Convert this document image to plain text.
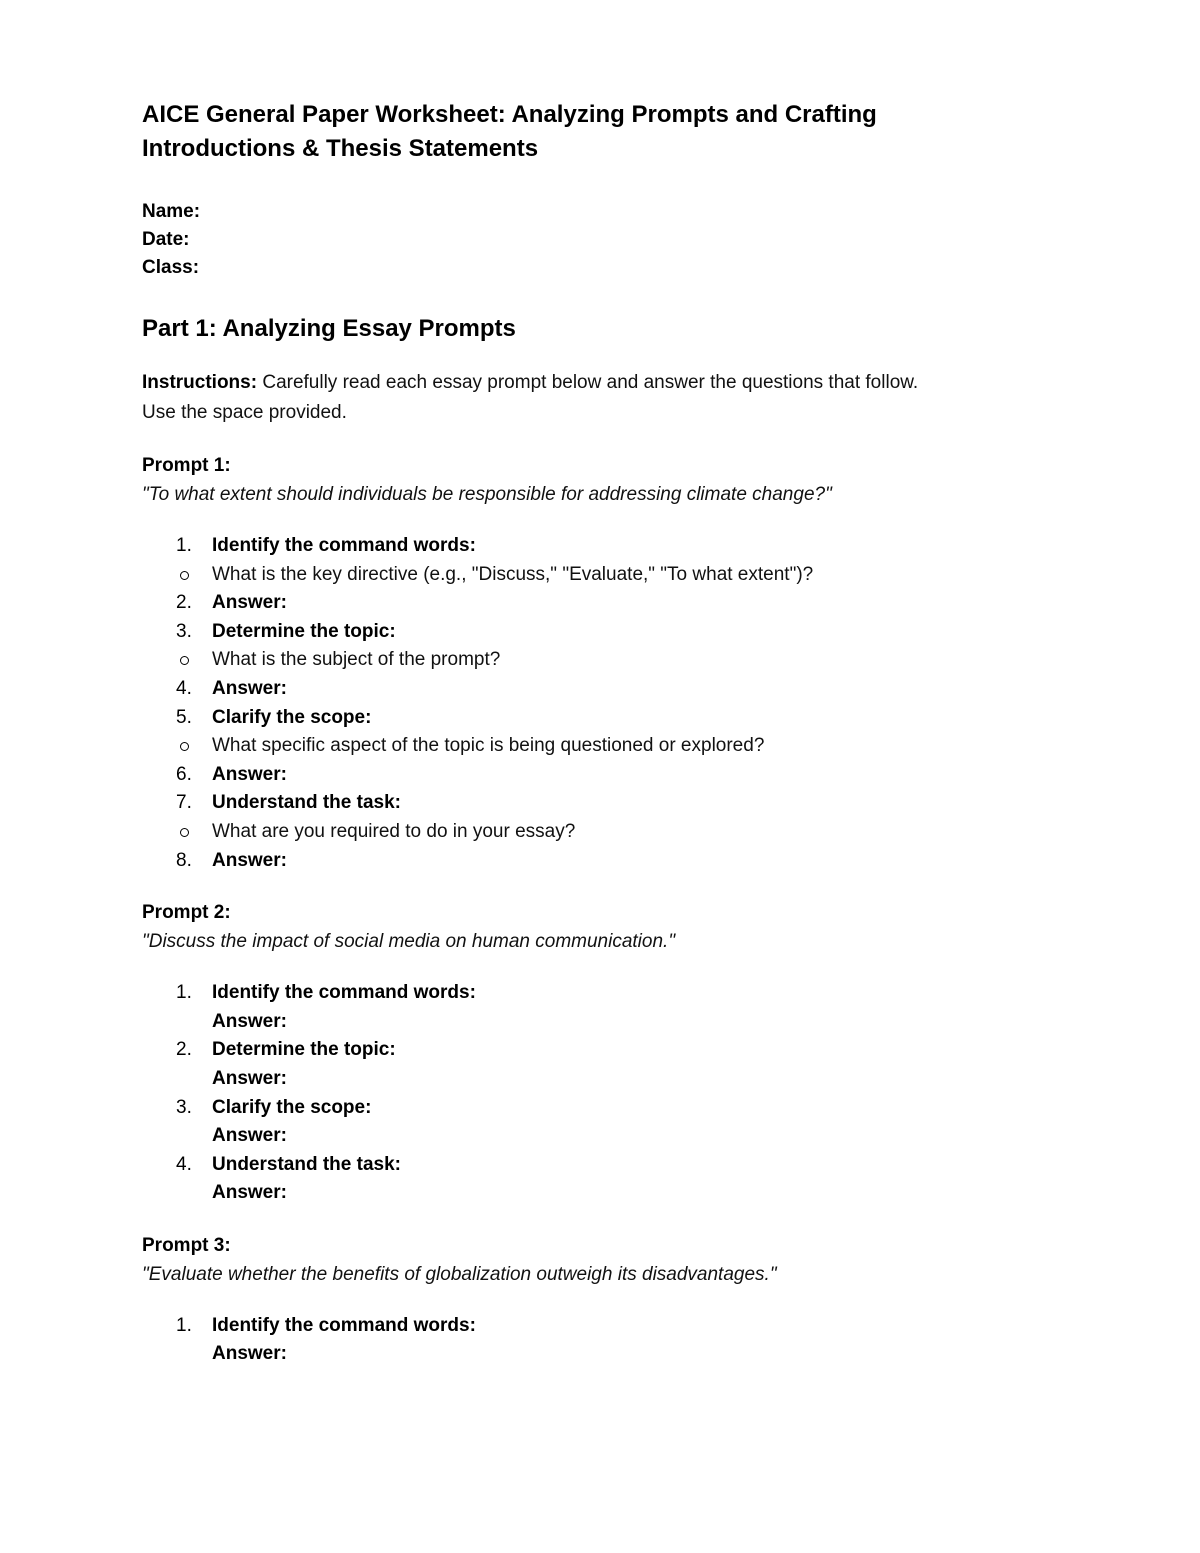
AICE General Paper Worksheet: Analyzing Prompts and Crafting
Introductions & Thesis Statements
Name:
Date:
Class:
Part 1: Analyzing Essay Prompts
Instructions: Carefully read each essay prompt below and answer the questions that follow.
Use the space provided.
Prompt 1:
"To what extent should individuals be responsible for addressing climate change?"
1. Identify the command words:
What is the key directive (e.g., "Discuss," "Evaluate," "To what extent")?
2. Answer:
3. Determine the topic:
What is the subject of the prompt?
4. Answer:
5. Clarify the scope:
What specific aspect of the topic is being questioned or explored?
6. Answer:
7. Understand the task:
What are you required to do in your essay?
8. Answer:
Prompt 2:
"Discuss the impact of social media on human communication."
1. Identify the command words:
Answer:
2. Determine the topic:
Answer:
3. Clarify the scope:
Answer:
4. Understand the task:
Answer:
Prompt 3:
"Evaluate whether the benefits of globalization outweigh its disadvantages."
1. Identify the command words:
Answer:
